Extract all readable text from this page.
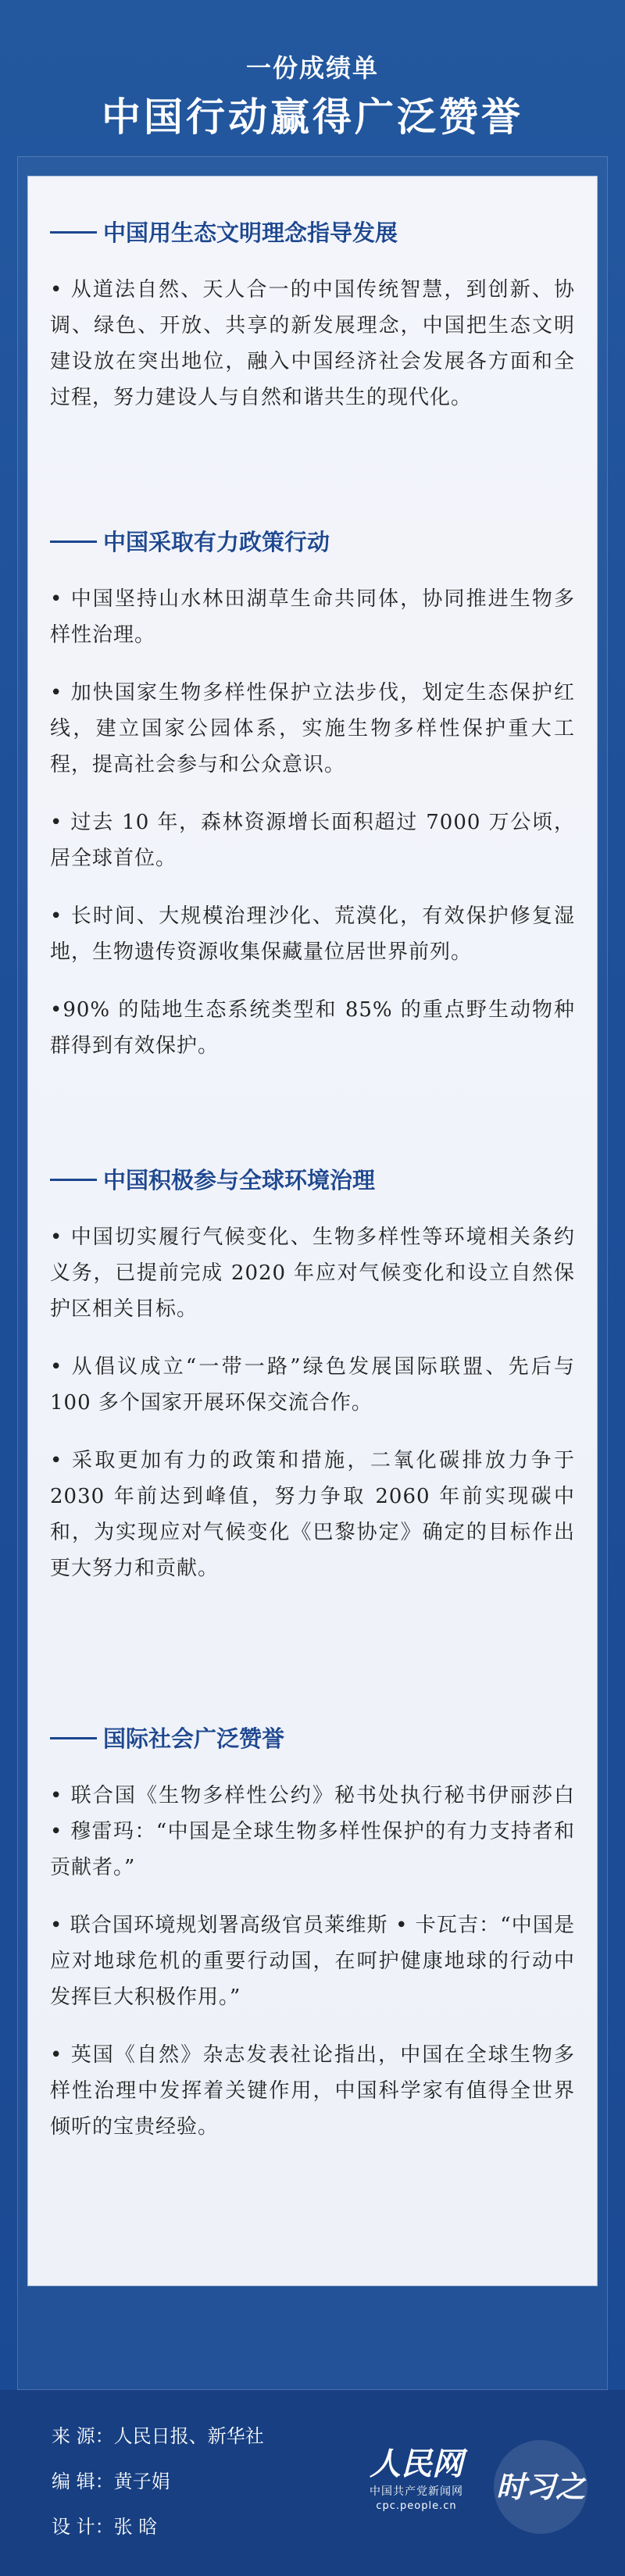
一份成绩单
中国行动赢得广泛赞誉
中国用生态文明理念指导发展
• 从道法自然、天人合一的中国传统智慧，到创新、协调、绿色、开放、共享的新发展理念，中国把生态文明建设放在突出地位，融入中国经济社会发展各方面和全过程，努力建设人与自然和谐共生的现代化。
中国采取有力政策行动
• 中国坚持山水林田湖草生命共同体，协同推进生物多样性治理。
• 加快国家生物多样性保护立法步伐，划定生态保护红线，建立国家公园体系，实施生物多样性保护重大工程，提高社会参与和公众意识。
• 过去 10 年，森林资源增长面积超过 7000 万公顷，居全球首位。
• 长时间、大规模治理沙化、荒漠化，有效保护修复湿地，生物遗传资源收集保藏量位居世界前列。
•90% 的陆地生态系统类型和 85% 的重点野生动物种群得到有效保护。
中国积极参与全球环境治理
• 中国切实履行气候变化、生物多样性等环境相关条约义务，已提前完成 2020 年应对气候变化和设立自然保护区相关目标。
• 从倡议成立“一带一路”绿色发展国际联盟、先后与 100 多个国家开展环保交流合作。
• 采取更加有力的政策和措施，二氧化碳排放力争于 2030 年前达到峰值，努力争取 2060 年前实现碳中和，为实现应对气候变化《巴黎协定》确定的目标作出更大努力和贡献。
国际社会广泛赞誉
• 联合国《生物多样性公约》秘书处执行秘书伊丽莎白 • 穆雷玛：“中国是全球生物多样性保护的有力支持者和贡献者。”
• 联合国环境规划署高级官员莱维斯 • 卡瓦吉：“中国是应对地球危机的重要行动国，在呵护健康地球的行动中发挥巨大积极作用。”
• 英国《自然》杂志发表社论指出，中国在全球生物多样性治理中发挥着关键作用，中国科学家有值得全世界倾听的宝贵经验。
来 源：人民日报、新华社
编 辑：黄子娟
设 计：张 晗
人民网
中国共产党新闻网
cpc.people.cn
时习之
